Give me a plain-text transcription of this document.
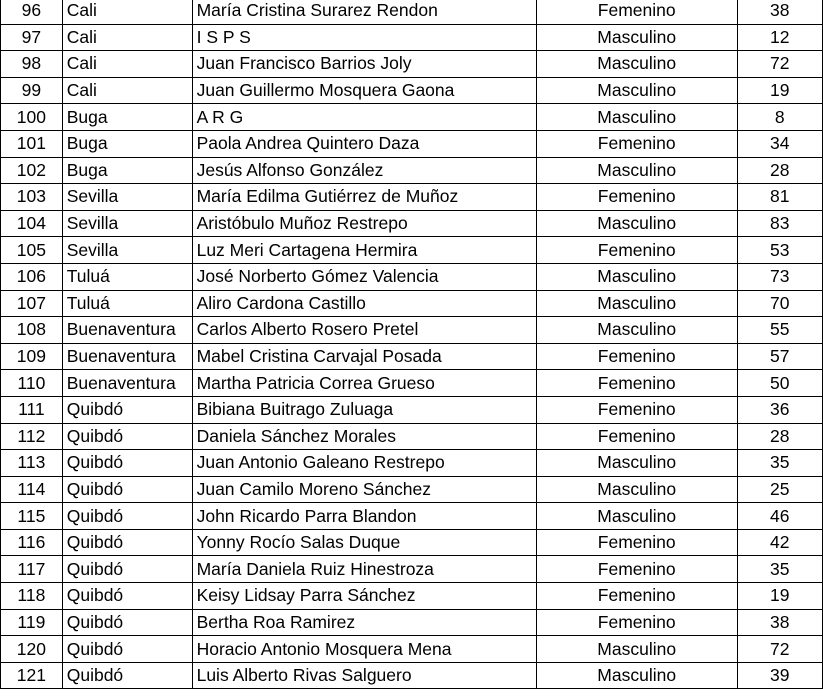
96	Cali	María Cristina Surarez Rendon	Femenino	38
97	Cali	I S P S	Masculino	12
98	Cali	Juan Francisco Barrios Joly	Masculino	72
99	Cali	Juan Guillermo Mosquera Gaona	Masculino	19
100	Buga	A R G	Masculino	8
101	Buga	Paola Andrea Quintero Daza	Femenino	34
102	Buga	Jesús Alfonso González	Masculino	28
103	Sevilla	María Edilma Gutiérrez de Muñoz	Femenino	81
104	Sevilla	Aristóbulo Muñoz Restrepo	Masculino	83
105	Sevilla	Luz Meri Cartagena Hermira	Femenino	53
106	Tuluá	José Norberto Gómez Valencia	Masculino	73
107	Tuluá	Aliro Cardona Castillo	Masculino	70
108	Buenaventura	Carlos Alberto Rosero Pretel	Masculino	55
109	Buenaventura	Mabel Cristina Carvajal Posada	Femenino	57
110	Buenaventura	Martha Patricia Correa Grueso	Femenino	50
111	Quibdó	Bibiana Buitrago Zuluaga	Femenino	36
112	Quibdó	Daniela Sánchez Morales	Femenino	28
113	Quibdó	Juan Antonio Galeano Restrepo	Masculino	35
114	Quibdó	Juan Camilo Moreno Sánchez	Masculino	25
115	Quibdó	John Ricardo Parra Blandon	Masculino	46
116	Quibdó	Yonny Rocío Salas Duque	Femenino	42
117	Quibdó	María Daniela Ruiz Hinestroza	Femenino	35
118	Quibdó	Keisy Lidsay Parra Sánchez	Femenino	19
119	Quibdó	Bertha Roa Ramirez	Femenino	38
120	Quibdó	Horacio Antonio Mosquera Mena	Masculino	72
121	Quibdó	Luis Alberto Rivas Salguero	Masculino	39
